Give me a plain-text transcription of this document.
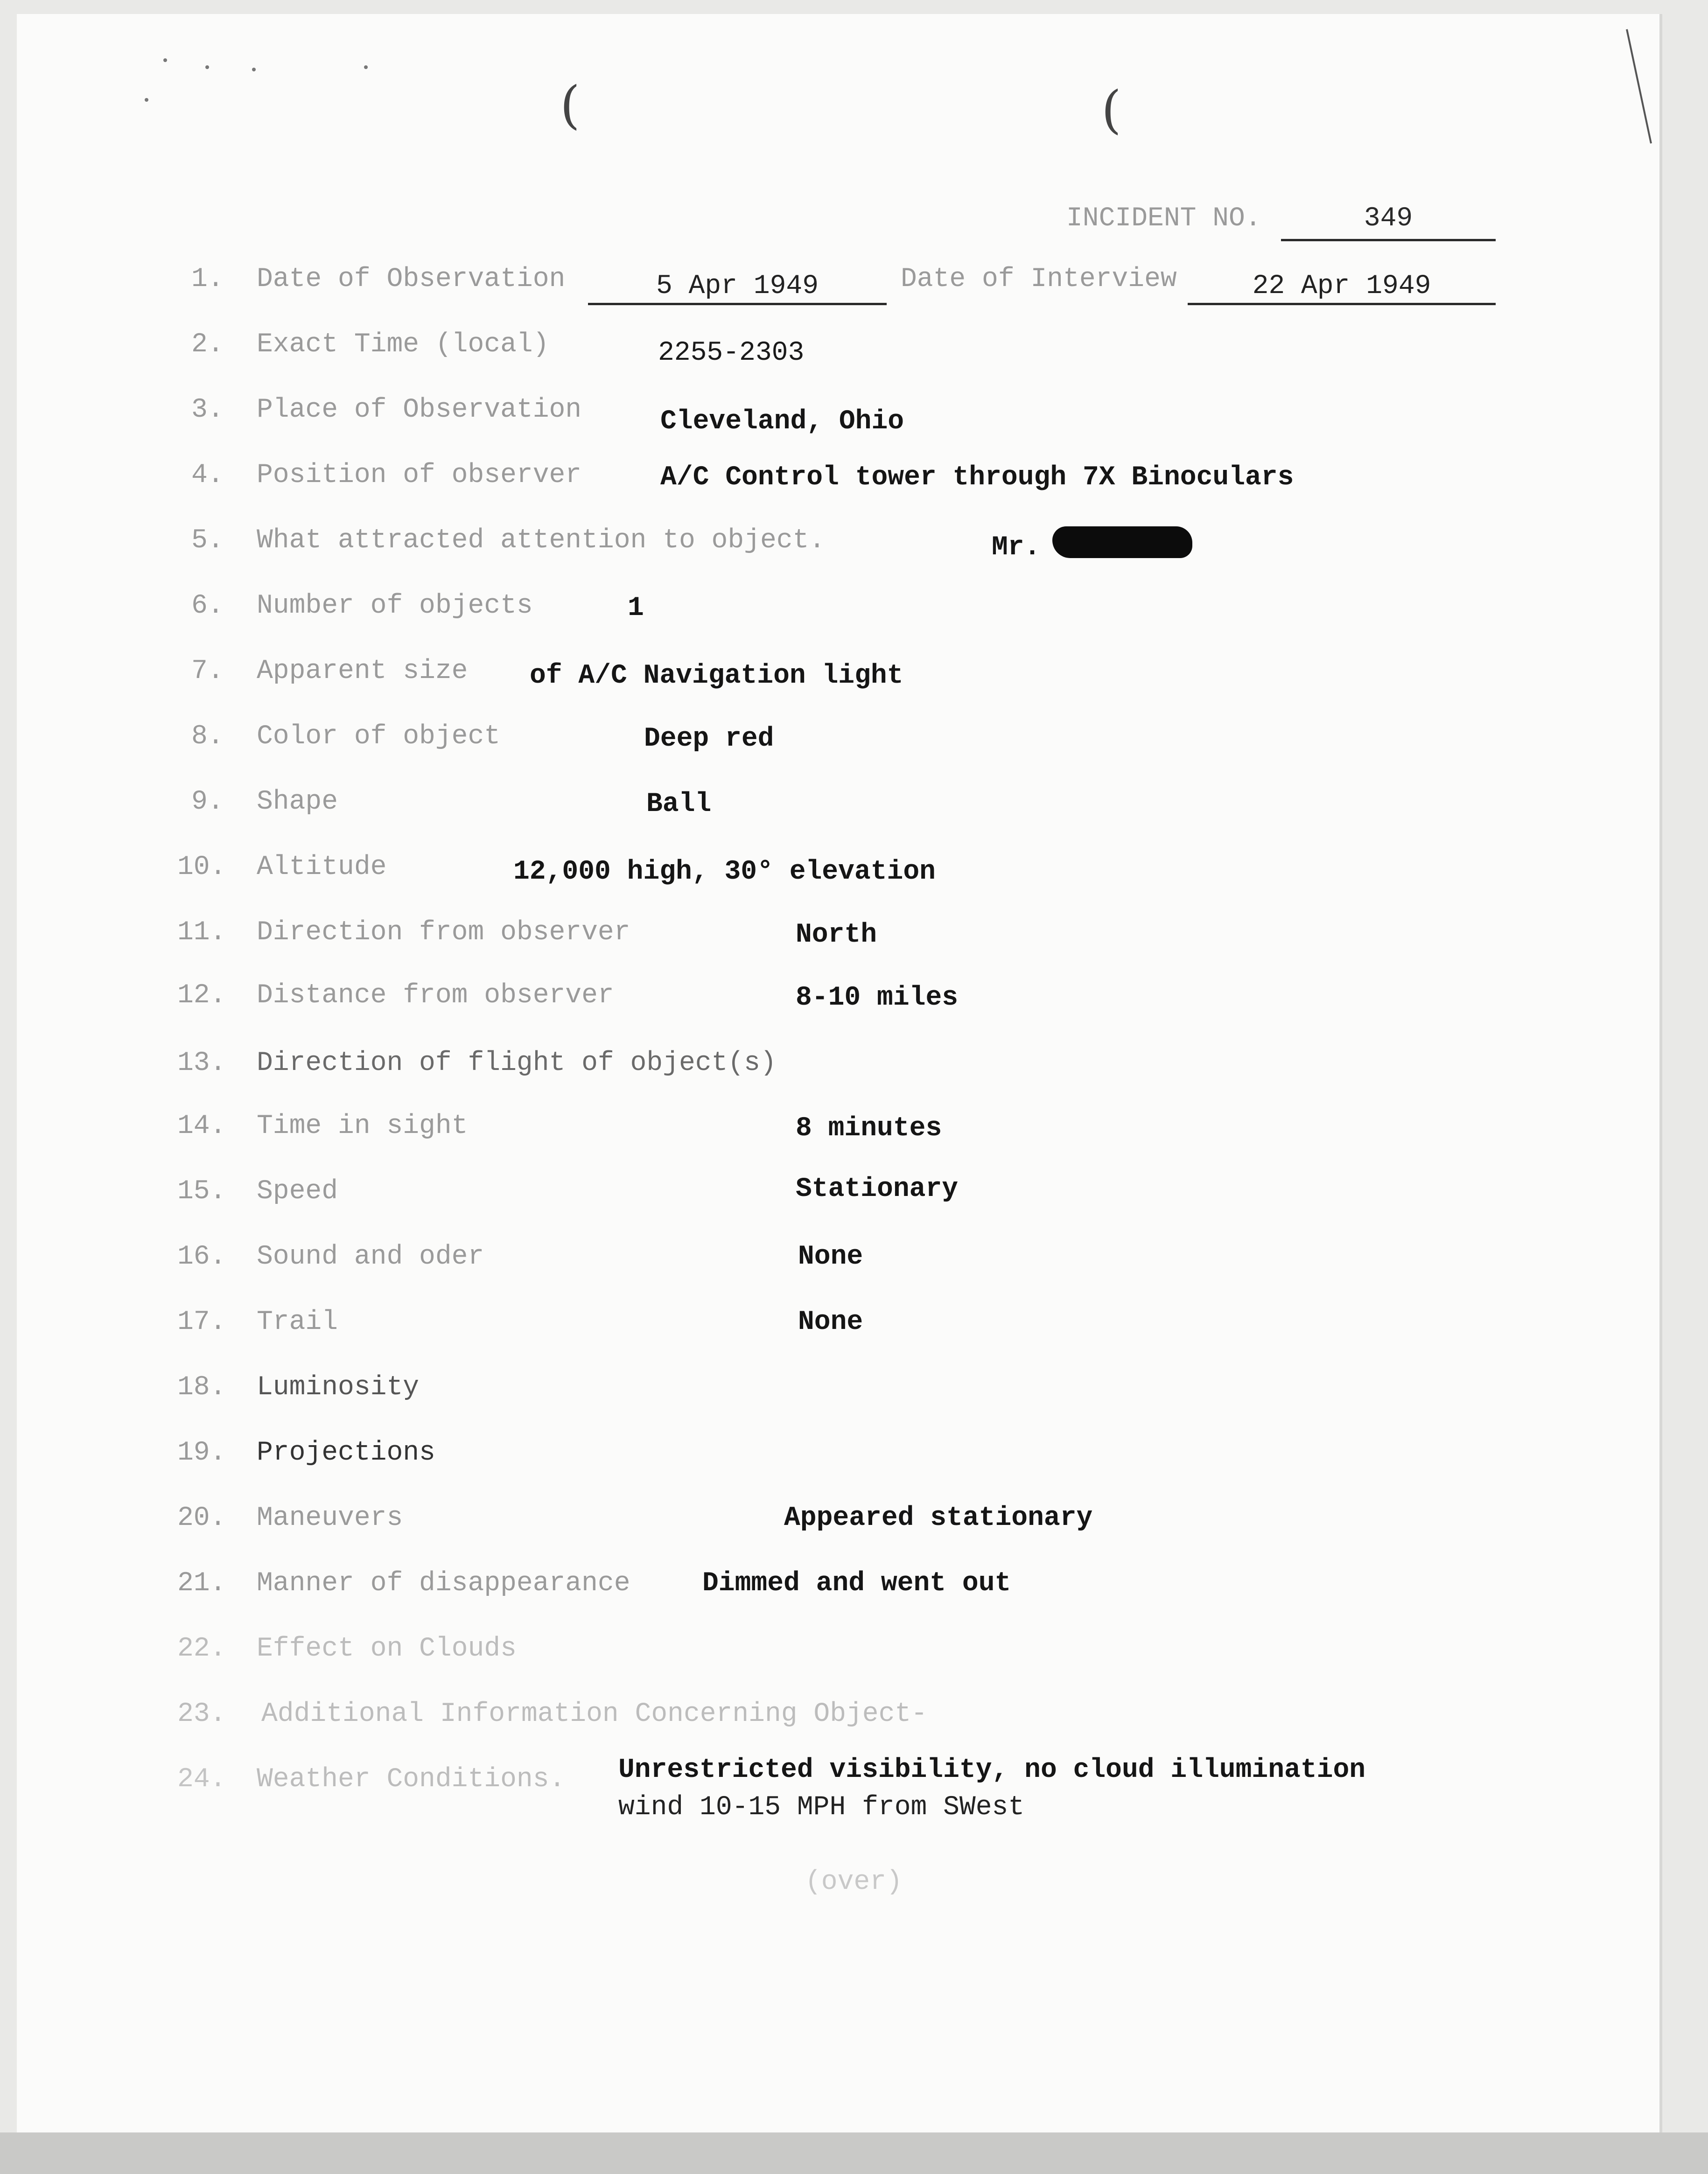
(	(
INCIDENT NO.	349
1. Date of Observation	5 Apr 1949	Date of Interview	22 Apr 1949
2. Exact Time (local)	2255-2303
3. Place of Observation	Cleveland, Ohio
4. Position of observer	A/C Control tower through 7X Binoculars
5. What attracted attention to object.	Mr.
6. Number of objects	1
7. Apparent size of A/C Navigation light
8. Color of object	Deep red
9. Shape	Ball
10. Altitude	12,000 high, 30° elevation
11. Direction from observer	North
12. Distance from observer	8-10 miles
13. Direction of flight of object(s)
14. Time in sight	8 minutes
15. Speed	Stationary
16. Sound and oder	None
17. Trail	None
18. Luminosity
19. Projections
20. Maneuvers	Appeared stationary
21. Manner of disappearance	Dimmed and went out
22. Effect on Clouds
23. Additional Information Concerning Object-
24. Weather Conditions. Unrestricted visibility, no cloud illumination
wind 10-15 MPH from SWest
(over)
